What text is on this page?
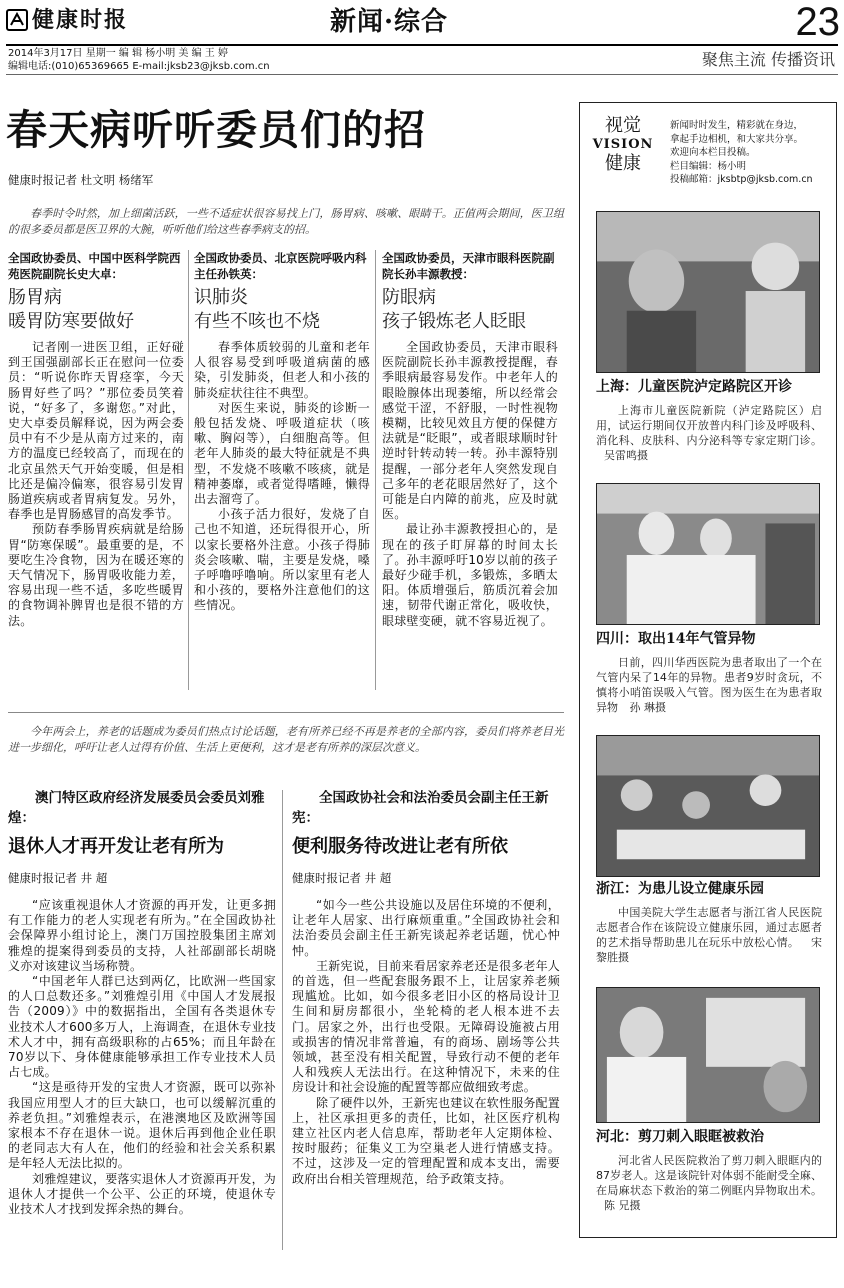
健康时报	新闻·综合	23
2014年3月17日 星期一 编 辑 杨小明 美 编 王 婷
编辑电话:(010)65369665 E-mail:jksb23@jksb.com.cn	聚焦主流 传播资讯
春天病听听委员们的招
健康时报记者 杜文明 杨绪军
春季时令时然，加上细菌活跃，一些不适症状很容易找上门，肠胃病、咳嗽、眼睛干。正值两会期间，医卫组的很多委员都是医卫界的大腕，听听他们给这些春季病支的招。
全国政协委员、中国中医科学院西苑医院副院长史大卓：
肠胃病
暖胃防寒要做好

记者刚一进医卫组，正好碰到王国强副部长正在慰问一位委员：“听说你昨天胃痉挛，今天肠胃好些了吗？”那位委员笑着说，“好多了，多谢您。”对此，史大卓委员解释说，因为两会委员中有不少是从南方过来的，南方的温度已经较高了，而现在的北京虽然天气开始变暖，但是相比还是偏冷偏寒，很容易引发胃肠道疾病或者胃病复发。另外，春季也是胃肠感冒的高发季节。

预防春季肠胃疾病就是给肠胃“防寒保暖”。最重要的是，不要吃生冷食物，因为在暖还寒的天气情况下，肠胃吸收能力差，容易出现一些不适，多吃些暖胃的食物调补脾胃也是很不错的方法。

全国政协委员、北京医院呼吸内科主任孙铁英：
识肺炎
有些不咳也不烧

春季体质较弱的儿童和老年人很容易受到呼吸道病菌的感染，引发肺炎，但老人和小孩的肺炎症状往往不典型。

对医生来说，肺炎的诊断一般包括发烧、呼吸道症状（咳嗽、胸闷等），白细胞高等。但老年人肺炎的最大特征就是不典型，不发烧不咳嗽不咳痰，就是精神萎靡，或者觉得嗜睡，懒得出去溜弯了。

小孩子活力很好，发烧了自己也不知道，还玩得很开心，所以家长要格外注意。小孩子得肺炎会咳嗽、喘，主要是发烧，嗓子呼噜呼噜响。所以家里有老人和小孩的，要格外注意他们的这些情况。

全国政协委员，天津市眼科医院副院长孙丰源教授：
防眼病
孩子锻炼老人眨眼

全国政协委员，天津市眼科医院副院长孙丰源教授提醒，春季眼病最容易发作。中老年人的眼睑腺体出现萎缩，所以经常会感觉干涩，不舒服，一时性视物模糊，比较见效且方便的保健方法就是“眨眼”，或者眼球顺时针逆时针转动转一转。孙丰源特别提醒，一部分老年人突然发现自己多年的老花眼居然好了，这个可能是白内障的前兆，应及时就医。

最让孙丰源教授担心的，是现在的孩子盯屏幕的时间太长了。孙丰源呼吁10岁以前的孩子最好少碰手机，多锻炼，多晒太阳。体质增强后，筋质沉着会加速，韧带代谢正常化，吸收快，眼球壁变硬，就不容易近视了。

今年两会上，养老的话题成为委员们热点讨论话题，老有所养已经不再是养老的全部内容，委员们将养老目光进一步细化，呼吁让老人过得有价值、生活上更便利，这才是老有所养的深层次意义。
澳门特区政府经济发展委员会委员刘雅煌：
退休人才再开发让老有所为
健康时报记者 井 超

“应该重视退休人才资源的再开发，让更多拥有工作能力的老人实现老有所为。”在全国政协社会保障界小组讨论上，澳门万国控股集团主席刘雅煌的提案得到委员的支持，人社部副部长胡晓义亦对该建议当场称赞。

“中国老年人群已达到两亿，比欧洲一些国家的人口总数还多。”刘雅煌引用《中国人才发展报告（2009）》中的数据指出，全国有各类退休专业技术人才600多万人，上海调查，在退休专业技术人才中，拥有高级职称的占65%；而且年龄在70岁以下、身体健康能够承担工作专业技术人员占七成。

“这是亟待开发的宝贵人才资源，既可以弥补我国应用型人才的巨大缺口，也可以缓解沉重的养老负担。”刘雅煌表示，在港澳地区及欧洲等国家根本不存在退休一说。退休后再到他企业任职的老同志大有人在，他们的经验和社会关系积累是年轻人无法比拟的。

刘雅煌建议，要落实退休人才资源再开发，为退休人才提供一个公平、公正的环境，使退休专业技术人才找到发挥余热的舞台。

全国政协社会和法治委员会副主任王新宪：
便利服务待改进让老有所依
健康时报记者 井 超

“如今一些公共设施以及居住环境的不便利，让老年人居家、出行麻烦重重。”全国政协社会和法治委员会副主任王新宪谈起养老话题，忧心忡忡。

王新宪说，目前来看居家养老还是很多老年人的首选，但一些配套服务跟不上，让居家养老频现尴尬。比如，如今很多老旧小区的格局设计卫生间和厨房都很小，坐轮椅的老人根本进不去门。居家之外，出行也受限。无障碍设施被占用或损害的情况非常普遍，有的商场、剧场等公共领域，甚至没有相关配置，导致行动不便的老年人和残疾人无法出行。在这种情况下，未来的住房设计和社会设施的配置等都应做细致考虑。

除了硬件以外，王新宪也建议在软性服务配置上，社区承担更多的责任，比如，社区医疗机构建立社区内老人信息库，帮助老年人定期体检、按时服药；征集义工为空巢老人进行情感支持。不过，这涉及一定的管理配置和成本支出，需要政府出台相关管理规范，给予政策支持。

视觉
VISION
健康
新闻时时发生，精彩就在身边，
拿起手边相机，和大家共分享。
欢迎向本栏目投稿。
栏目编辑：杨小明
投稿邮箱：jksbtp@jksb.com.cn
上海：儿童医院泸定路院区开诊
上海市儿童医院新院（泸定路院区）启用，试运行期间仅开放普内科门诊及呼吸科、消化科、皮肤科、内分泌科等专家定期门诊。 吴雷鸣摄
四川：取出14年气管异物
日前，四川华西医院为患者取出了一个在气管内呆了14年的异物。患者9岁时贪玩，不慎将小哨笛误吸入气管。图为医生在为患者取异物 孙 琳摄
浙江：为患儿设立健康乐园
中国美院大学生志愿者与浙江省人民医院志愿者合作在该院设立健康乐园，通过志愿者的艺术指导帮助患儿在玩乐中放松心情。 宋黎胜摄
河北：剪刀刺入眼眶被救治
河北省人民医院救治了剪刀刺入眼眶内的87岁老人。这是该院针对体弱不能耐受全麻、在局麻状态下救治的第二例眶内异物取出术。 陈 兄摄
